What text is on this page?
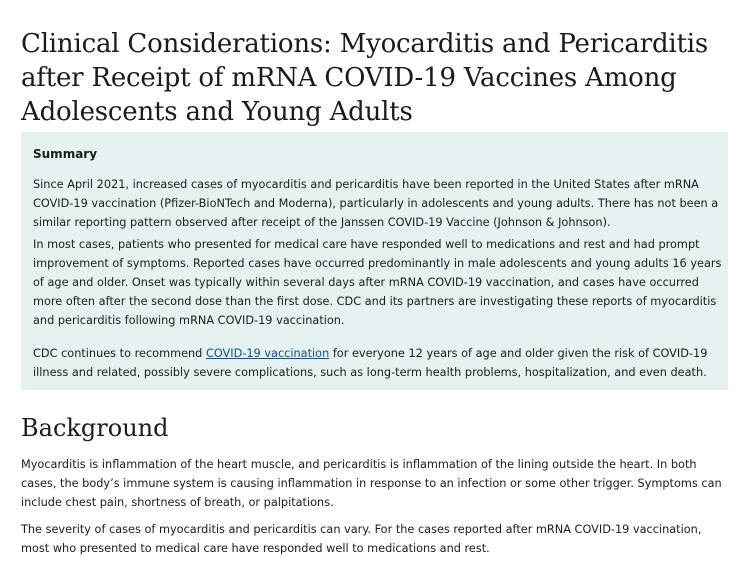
Clinical Considerations: Myocarditis and Pericarditis after Receipt of mRNA COVID-19 Vaccines Among Adolescents and Young Adults
Summary

Since April 2021, increased cases of myocarditis and pericarditis have been reported in the United States after mRNA COVID-19 vaccination (Pfizer-BioNTech and Moderna), particularly in adolescents and young adults. There has not been a similar reporting pattern observed after receipt of the Janssen COVID-19 Vaccine (Johnson & Johnson).

In most cases, patients who presented for medical care have responded well to medications and rest and had prompt improvement of symptoms. Reported cases have occurred predominantly in male adolescents and young adults 16 years of age and older. Onset was typically within several days after mRNA COVID-19 vaccination, and cases have occurred more often after the second dose than the first dose. CDC and its partners are investigating these reports of myocarditis and pericarditis following mRNA COVID-19 vaccination.

CDC continues to recommend COVID-19 vaccination for everyone 12 years of age and older given the risk of COVID-19 illness and related, possibly severe complications, such as long-term health problems, hospitalization, and even death.

Background

Myocarditis is inflammation of the heart muscle, and pericarditis is inflammation of the lining outside the heart. In both cases, the body’s immune system is causing inflammation in response to an infection or some other trigger. Symptoms can include chest pain, shortness of breath, or palpitations.

The severity of cases of myocarditis and pericarditis can vary. For the cases reported after mRNA COVID-19 vaccination, most who presented to medical care have responded well to medications and rest.
